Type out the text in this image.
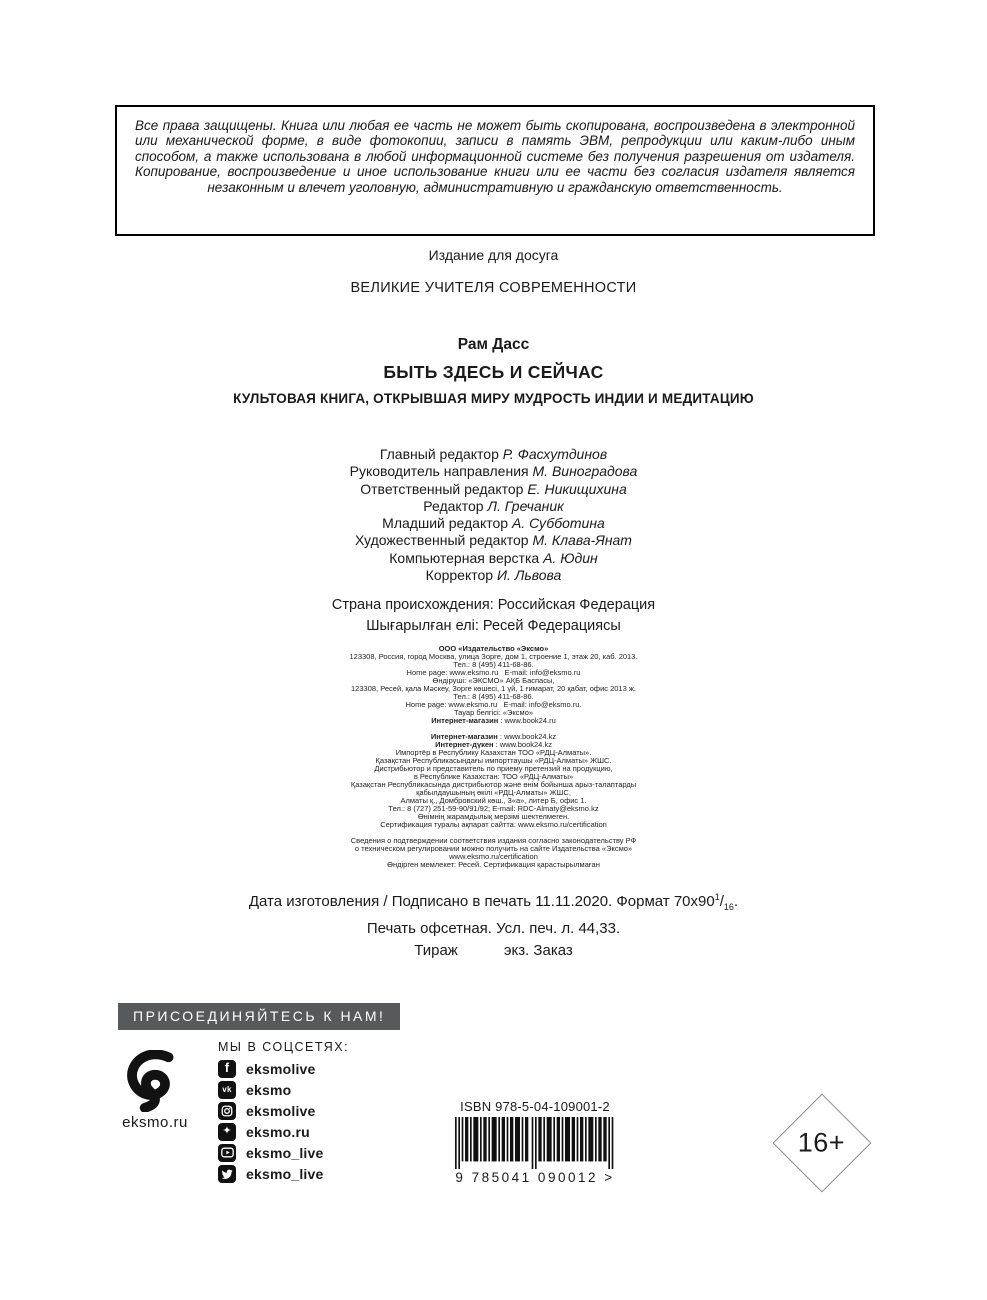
Все права защищены. Книга или любая ее часть не может быть скопирована, воспроизведена в электронной или механической форме, в виде фотокопии, записи в память ЭВМ, репродукции или каким-либо иным способом, а также использована в любой информационной системе без получения разрешения от издателя. Копирование, воспроизведение и иное использование книги или ее части без согласия издателя является незаконным и влечет уголовную, административную и гражданскую ответственность.
Издание для досуга
ВЕЛИКИЕ УЧИТЕЛЯ СОВРЕМЕННОСТИ
Рам Дасс
БЫТЬ ЗДЕСЬ И СЕЙЧАС
КУЛЬТОВАЯ КНИГА, ОТКРЫВШАЯ МИРУ МУДРОСТЬ ИНДИИ И МЕДИТАЦИЮ
Главный редактор Р. Фасхутдинов
Руководитель направления М. Виноградова
Ответственный редактор Е. Никищихина
Редактор Л. Гречаник
Младший редактор А. Субботина
Художественный редактор М. Клава-Янат
Компьютерная верстка А. Юдин
Корректор И. Львова
Страна происхождения: Российская Федерация
Шығарылған елі: Ресей Федерациясы
ООО «Издательство «Эксмо»
123308, Россия, город Москва, улица Зорге, дом 1, строение 1, этаж 20, каб. 2013.
Тел.: 8 (495) 411-68-86.
Home page: www.eksmo.ru   E-mail: info@eksmo.ru
Өндіруші: «ЭКСМО» АҚБ Баспасы,
123308, Ресей, қала Мәскеу, Зорге көшесі, 1 үй, 1 ғимарат, 20 қабат, офис 2013 ж.
Тел.: 8 (495) 411-68-86.
Home page: www.eksmo.ru   E-mail: info@eksmo.ru.
Тауар белгісі: «Эксмо»
Интернет-магазин : www.book24.ru

Интернет-магазин : www.book24.kz
Интернет-дүкен : www.book24.kz
Импортёр в Республику Казахстан ТОО «РДЦ-Алматы».
Қазақстан Республикасындағы импорттаушы «РДЦ-Алматы» ЖШС.
Дистрибьютор и представитель по приему претензий на продукцию,
в Республике Казахстан: ТОО «РДЦ-Алматы»
Қазақстан Республикасында дистрибьютор және өнім бойынша арыз-талаптарды
қабылдаушының өкілі «РДЦ-Алматы» ЖШС,
Алматы қ., Домбровский көш., 3«а», литер Б, офис 1.
Тел.: 8 (727) 251-59-90/91/92; E-mail: RDC-Almaty@eksmo.kz
Өнімнің жарамдылық мерзімі шектелмеген.
Сертификация туралы ақпарат сайтта: www.eksmo.ru/certification

Сведения о подтверждении соответствия издания согласно законодательству РФ
о техническом регулировании можно получить на сайте Издательства «Эксмо»
www.eksmo.ru/certification
Өндірген мемлекет: Ресей. Сертификация қарастырылмаған
Дата изготовления / Подписано в печать 11.11.2020. Формат $70x90^1/_{16}$.
Печать офсетная. Усл. печ. л. 44,33.
Тираж	экз. Заказ
ПРИСОЕДИНЯЙТЕСЬ К НАМ!
eksmo.ru
МЫ В СОЦСЕТЯХ:
f eksmolive
vk eksmo
eksmolive
✦ eksmo.ru
eksmo_live
eksmo_live
ISBN 978-5-04-109001-2
9 785041 090012 >
16+
